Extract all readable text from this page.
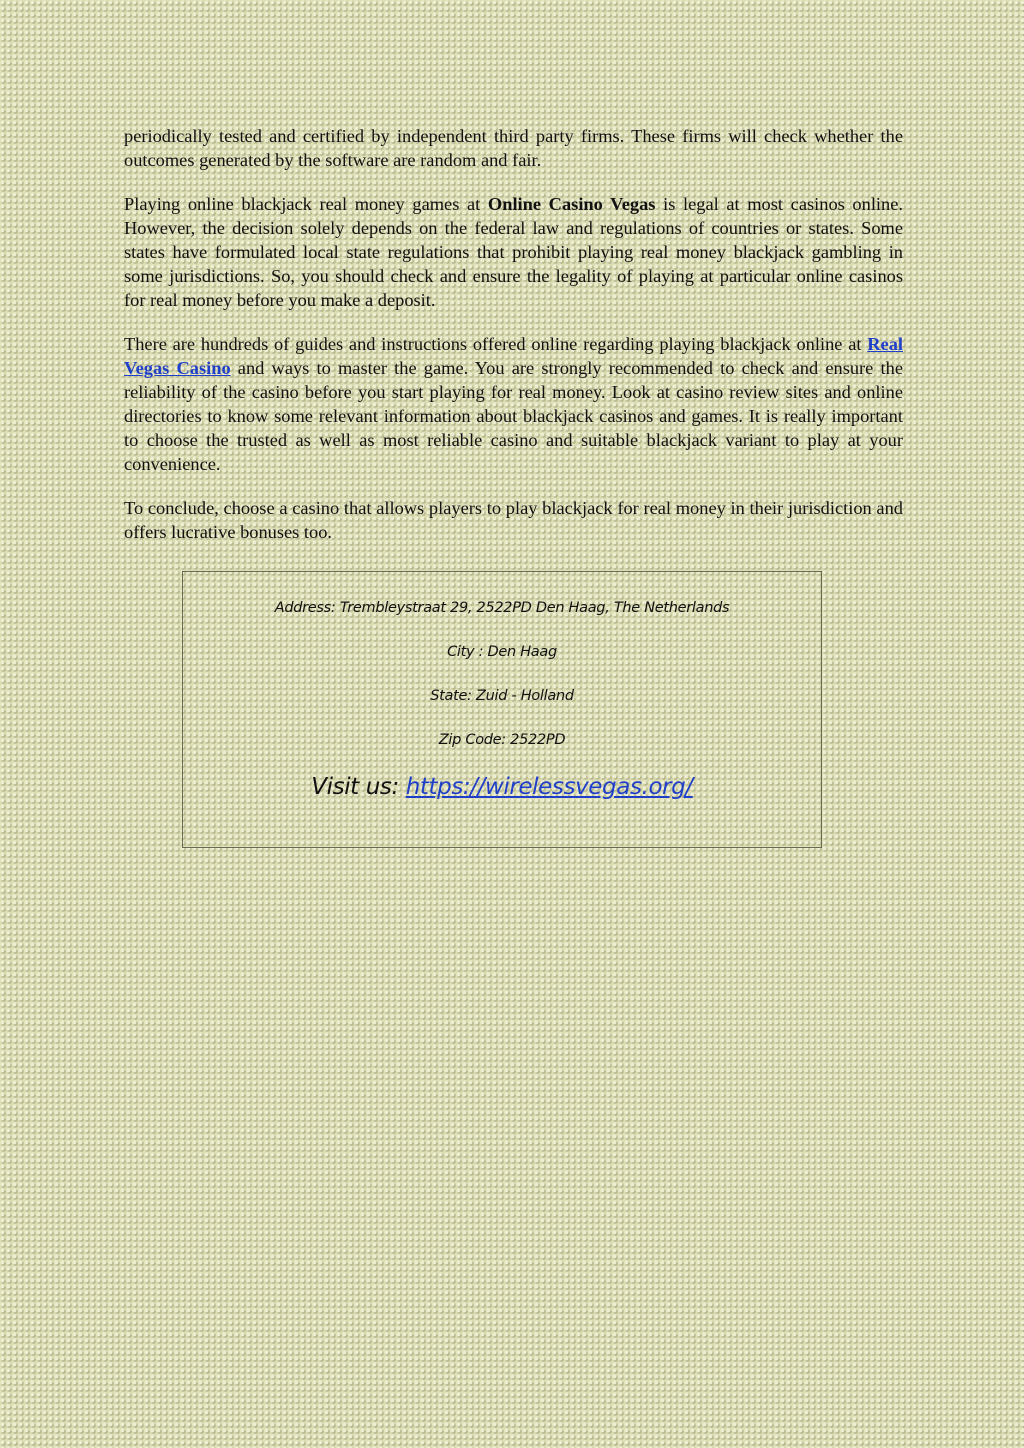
periodically tested and certified by independent third party firms. These firms will check whether the outcomes generated by the software are random and fair.

Playing online blackjack real money games at Online Casino Vegas is legal at most casinos online. However, the decision solely depends on the federal law and regulations of countries or states. Some states have formulated local state regulations that prohibit playing real money blackjack gambling in some jurisdictions. So, you should check and ensure the legality of playing at particular online casinos for real money before you make a deposit.

There are hundreds of guides and instructions offered online regarding playing blackjack online at Real Vegas Casino and ways to master the game. You are strongly recommended to check and ensure the reliability of the casino before you start playing for real money. Look at casino review sites and online directories to know some relevant information about blackjack casinos and games. It is really important to choose the trusted as well as most reliable casino and suitable blackjack variant to play at your convenience.

To conclude, choose a casino that allows players to play blackjack for real money in their jurisdiction and offers lucrative bonuses too.

Address: Trembleystraat 29, 2522PD Den Haag, The Netherlands
City : Den Haag
State: Zuid - Holland
Zip Code: 2522PD
Visit us: https://wirelessvegas.org/
